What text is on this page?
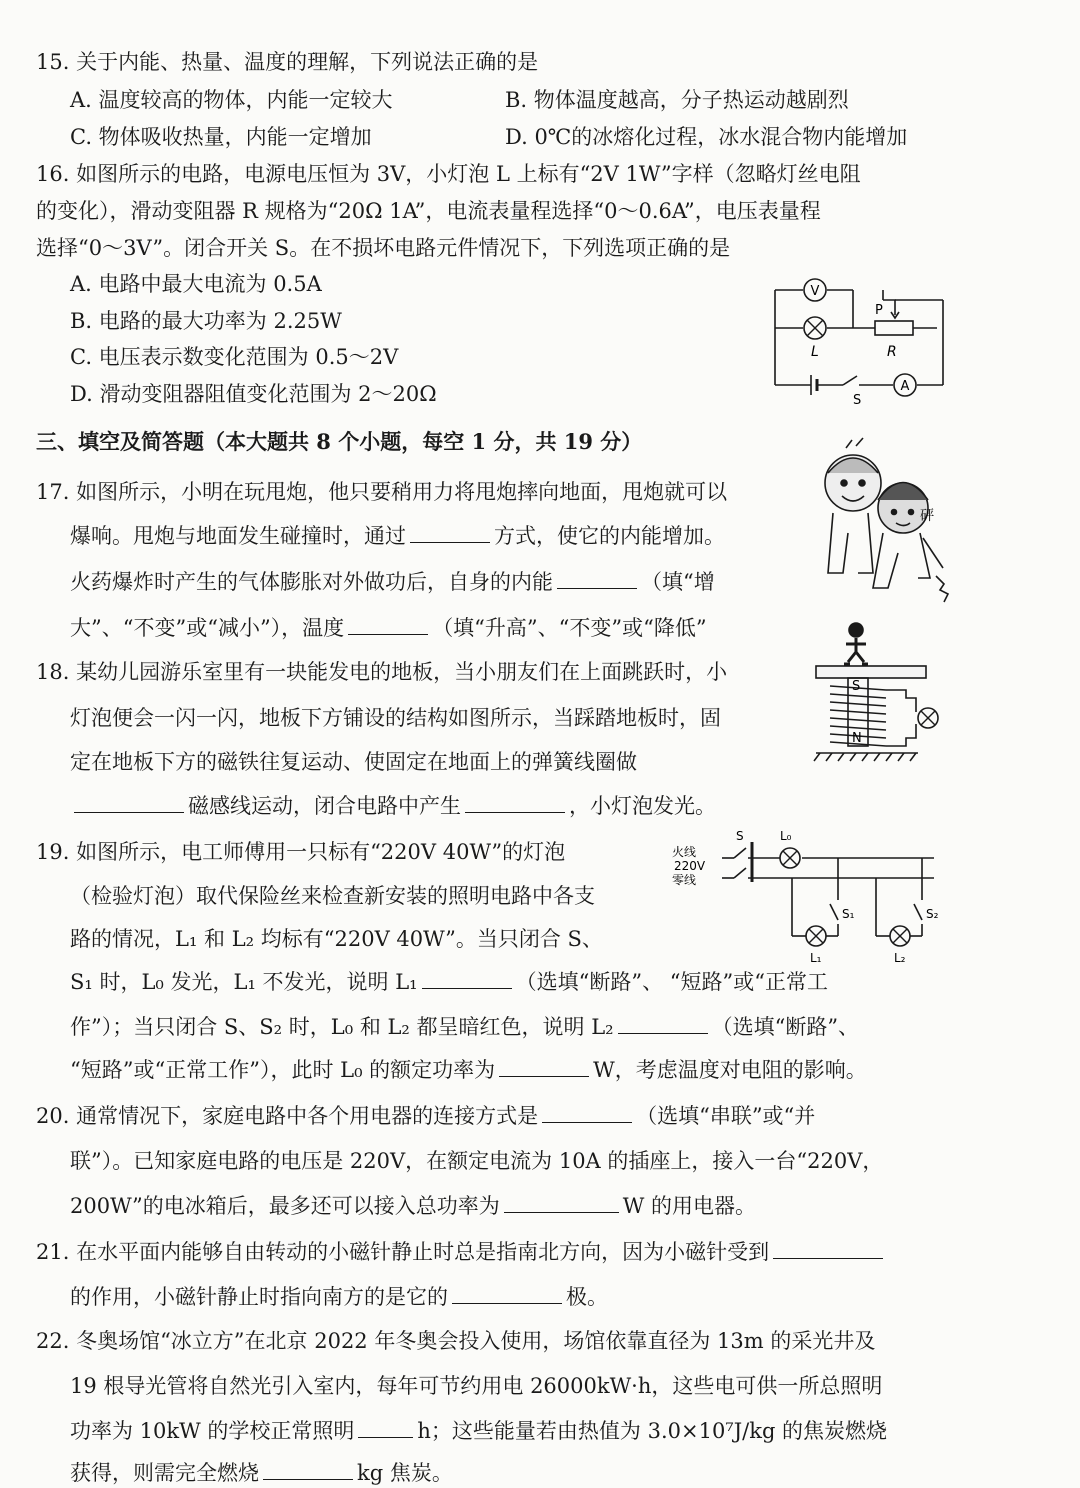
15. 关于内能、热量、温度的理解，下列说法正确的是
A. 温度较高的物体，内能一定较大	B. 物体温度越高，分子热运动越剧烈
C. 物体吸收热量，内能一定增加	D. 0℃的冰熔化过程，冰水混合物内能增加
16. 如图所示的电路，电源电压恒为 3V，小灯泡 L 上标有“2V 1W”字样（忽略灯丝电阻
的变化），滑动变阻器 R 规格为“20Ω 1A”，电流表量程选择“0～0.6A”，电压表量程
选择“0～3V”。闭合开关 S。在不损坏电路元件情况下，下列选项正确的是
A. 电路中最大电流为 0.5A
B. 电路的最大功率为 2.25W
C. 电压表示数变化范围为 0.5～2V
D. 滑动变阻器阻值变化范围为 2～20Ω
V
L	R
P
A
S
三、填空及简答题（本大题共 8 个小题，每空 1 分，共 19 分）
17. 如图所示，小明在玩甩炮，他只要稍用力将甩炮摔向地面，甩炮就可以
爆响。甩炮与地面发生碰撞时，通过	方式，使它的内能增加。
火药爆炸时产生的气体膨胀对外做功后，自身的内能	（填“增
大”、“不变”或“减小”），温度	（填“升高”、“不变”或“降低”
砰
18. 某幼儿园游乐室里有一块能发电的地板，当小朋友们在上面跳跃时，小
灯泡便会一闪一闪，地板下方铺设的结构如图所示，当踩踏地板时，固
定在地板下方的磁铁往复运动、使固定在地面上的弹簧线圈做
磁感线运动，闭合电路中产生	，小灯泡发光。
S
N
19. 如图所示，电工师傅用一只标有“220V 40W”的灯泡
（检验灯泡）取代保险丝来检查新安装的照明电路中各支
路的情况，L₁ 和 L₂ 均标有“220V 40W”。当只闭合 S、
S₁ 时，L₀ 发光，L₁ 不发光，说明 L₁	（选填“断路”、 “短路”或“正常工
作”）；当只闭合 S、S₂ 时，L₀ 和 L₂ 都呈暗红色，说明 L₂	（选填“断路”、
“短路”或“正常工作”），此时 L₀ 的额定功率为	W，考虑温度对电阻的影响。
火线
220V
零线
S	L₀
S₁	S₂
L₁	L₂
20. 通常情况下，家庭电路中各个用电器的连接方式是	（选填“串联”或“并
联”）。已知家庭电路的电压是 220V，在额定电流为 10A 的插座上，接入一台“220V，
200W”的电冰箱后，最多还可以接入总功率为	W 的用电器。
21. 在水平面内能够自由转动的小磁针静止时总是指南北方向，因为小磁针受到
的作用，小磁针静止时指向南方的是它的	极。
22. 冬奥场馆“冰立方”在北京 2022 年冬奥会投入使用，场馆依靠直径为 13m 的采光井及
19 根导光管将自然光引入室内，每年可节约用电 26000kW·h，这些电可供一所总照明
功率为 10kW 的学校正常照明	h；这些能量若由热值为 3.0×10⁷J/kg 的焦炭燃烧
获得，则需完全燃烧	kg 焦炭。
